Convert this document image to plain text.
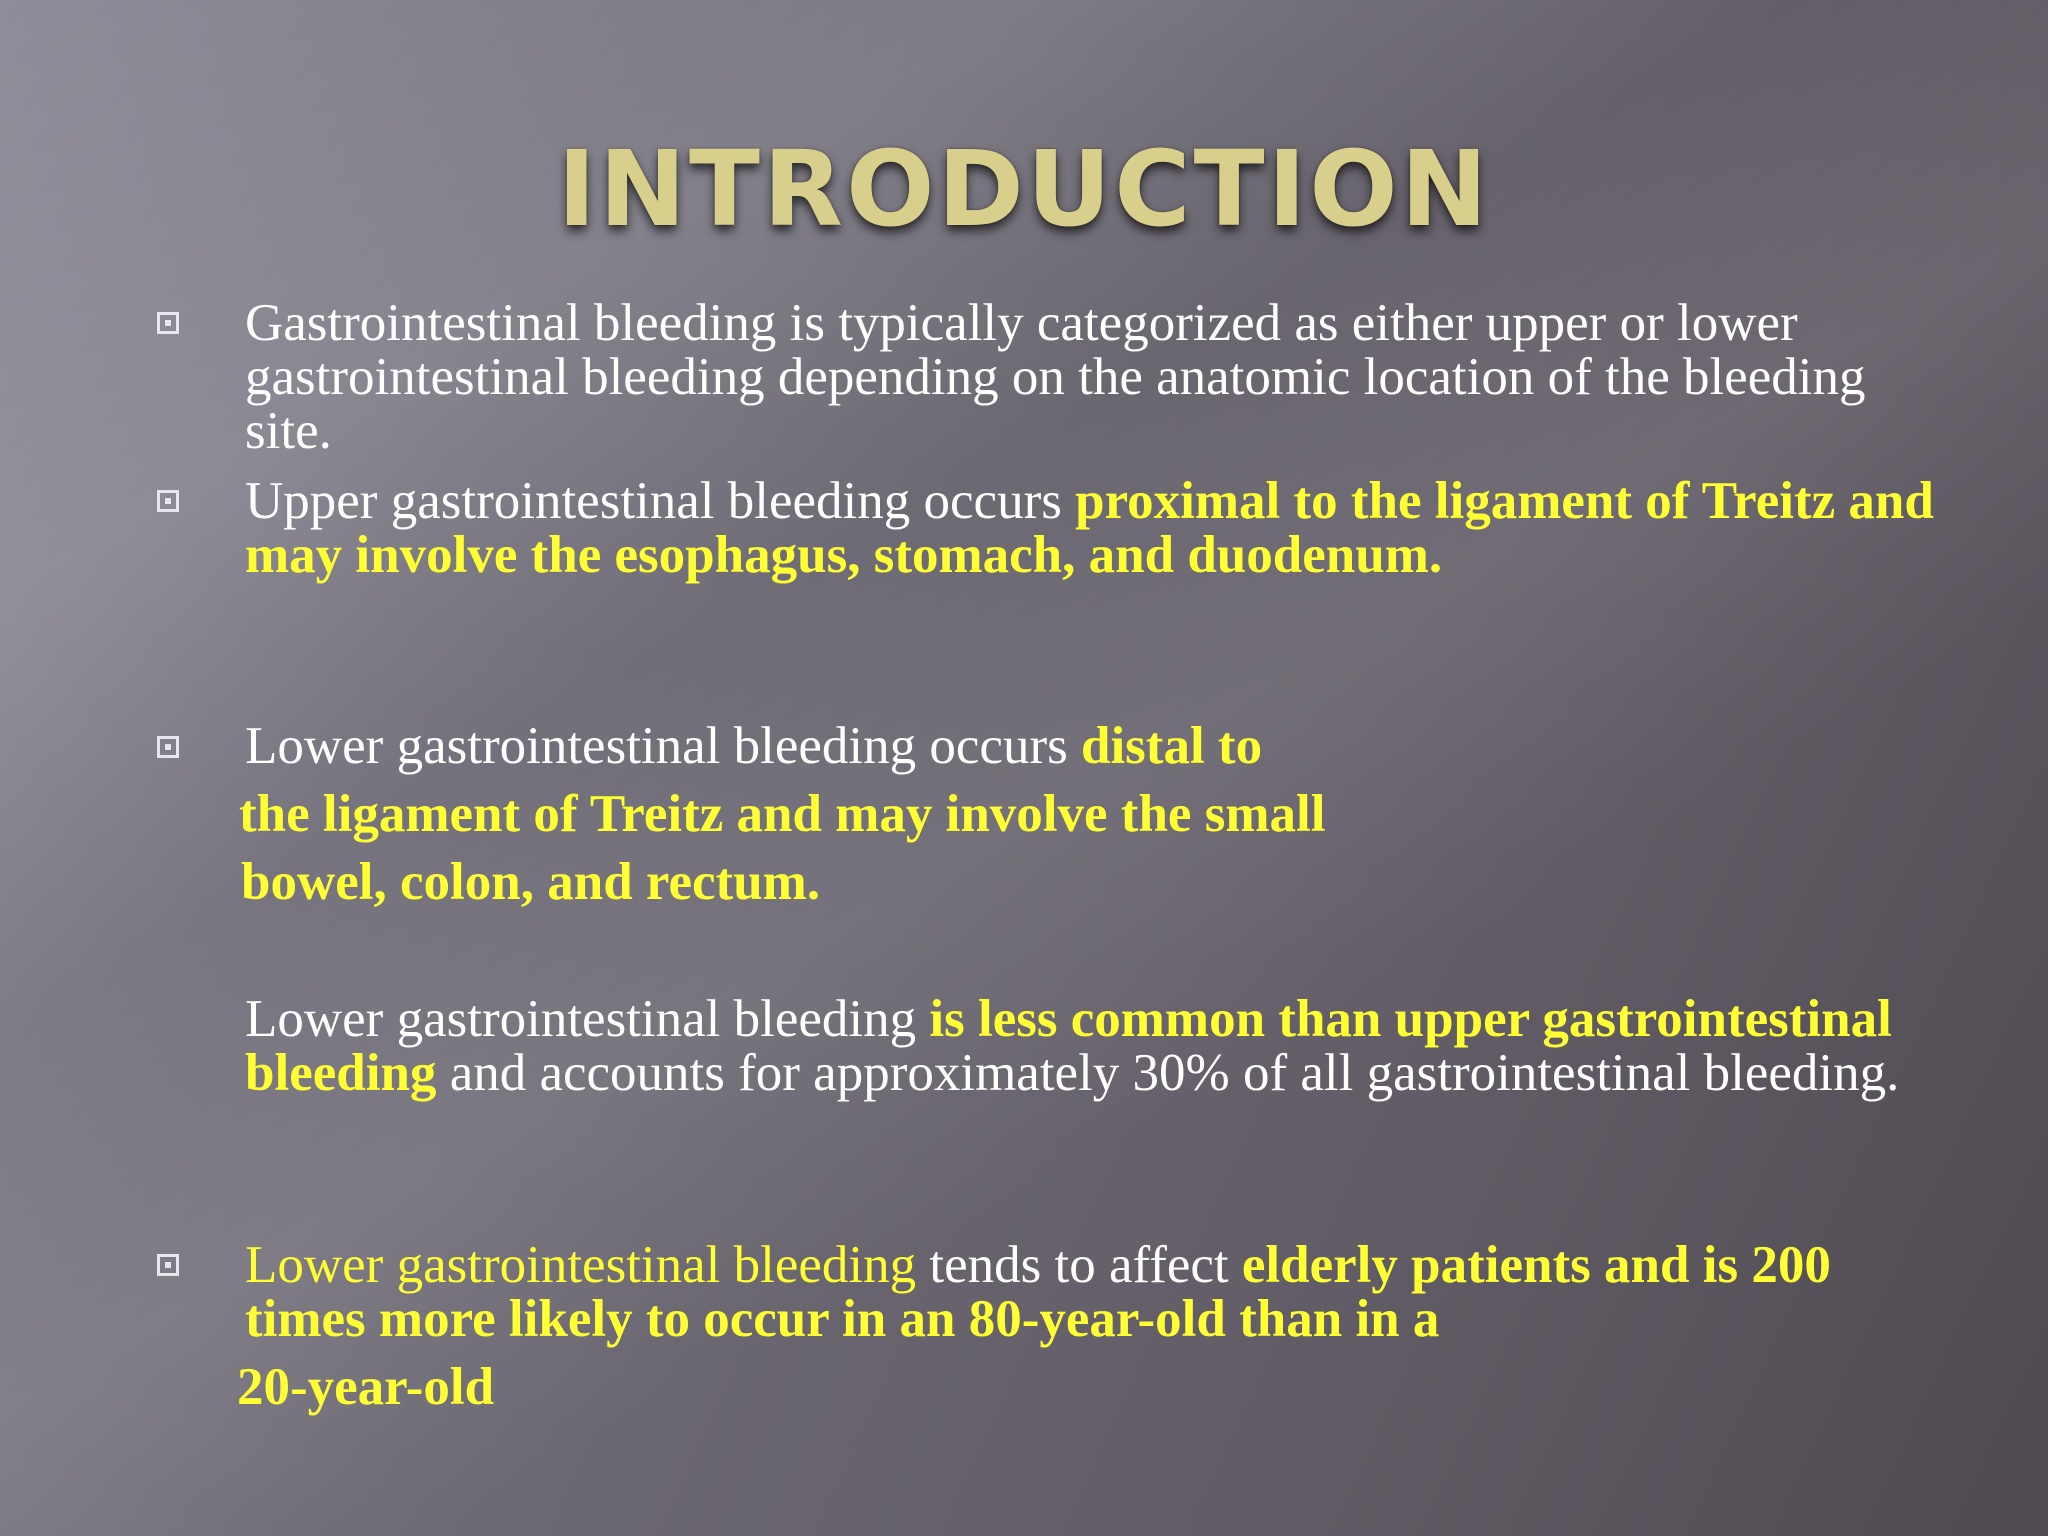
INTRODUCTION
Gastrointestinal bleeding is typically categorized as either upper or lower gastrointestinal bleeding depending on the anatomic location of the bleeding site.
Upper gastrointestinal bleeding occurs proximal to the ligament of Treitz and may involve the esophagus, stomach, and duodenum.
Lower gastrointestinal bleeding occurs distal to
the ligament of Treitz and may involve the small
bowel, colon, and rectum.
Lower gastrointestinal bleeding is less common than upper gastrointestinal bleeding and accounts for approximately 30% of all gastrointestinal bleeding.
Lower gastrointestinal bleeding tends to affect elderly patients and is 200 times more likely to occur in an 80-year-old than in a
20-year-old
